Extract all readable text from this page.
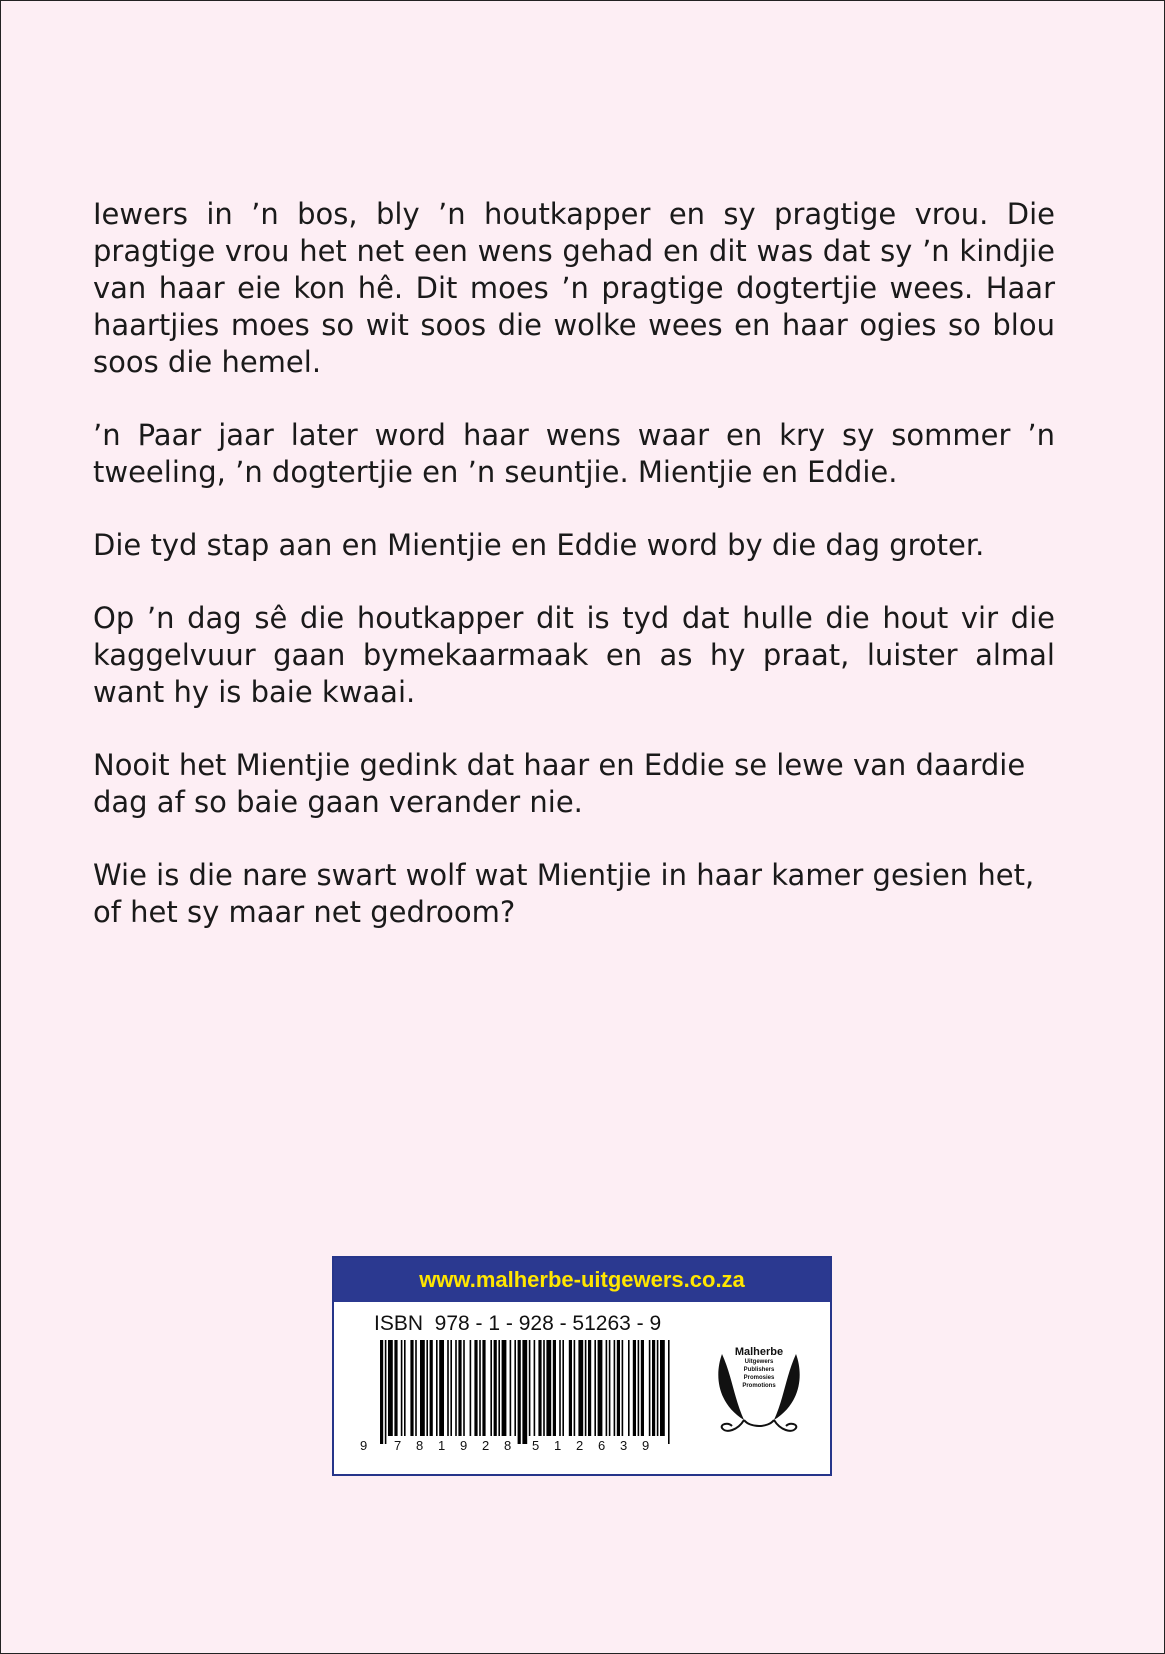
Iewers in ’n bos, bly ’n houtkapper en sy pragtige vrou. Die pragtige vrou het net een wens gehad en dit was dat sy ’n kindjie van haar eie kon hê. Dit moes ’n pragtige dogtertjie wees. Haar haartjies moes so wit soos die wolke wees en haar ogies so blou soos die hemel.

’n Paar jaar later word haar wens waar en kry sy sommer ’n tweeling, ’n dogtertjie en ’n seuntjie. Mientjie en Eddie.

Die tyd stap aan en Mientjie en Eddie word by die dag groter.

Op ’n dag sê die houtkapper dit is tyd dat hulle die hout vir die kaggelvuur gaan bymekaarmaak en as hy praat, luister almal want hy is baie kwaai.

Nooit het Mientjie gedink dat haar en Eddie se lewe van daardie dag af so baie gaan verander nie.

Wie is die nare swart wolf wat Mientjie in haar kamer gesien het, of het sy maar net gedroom?

www.malherbe-uitgewers.co.za
ISBN  978 - 1 - 928 - 51263 - 9
9 7 8 1 9 2 8 5 1 2 6 3 9
Malherbe
Uitgewers
Publishers
Promosies
Promotions
